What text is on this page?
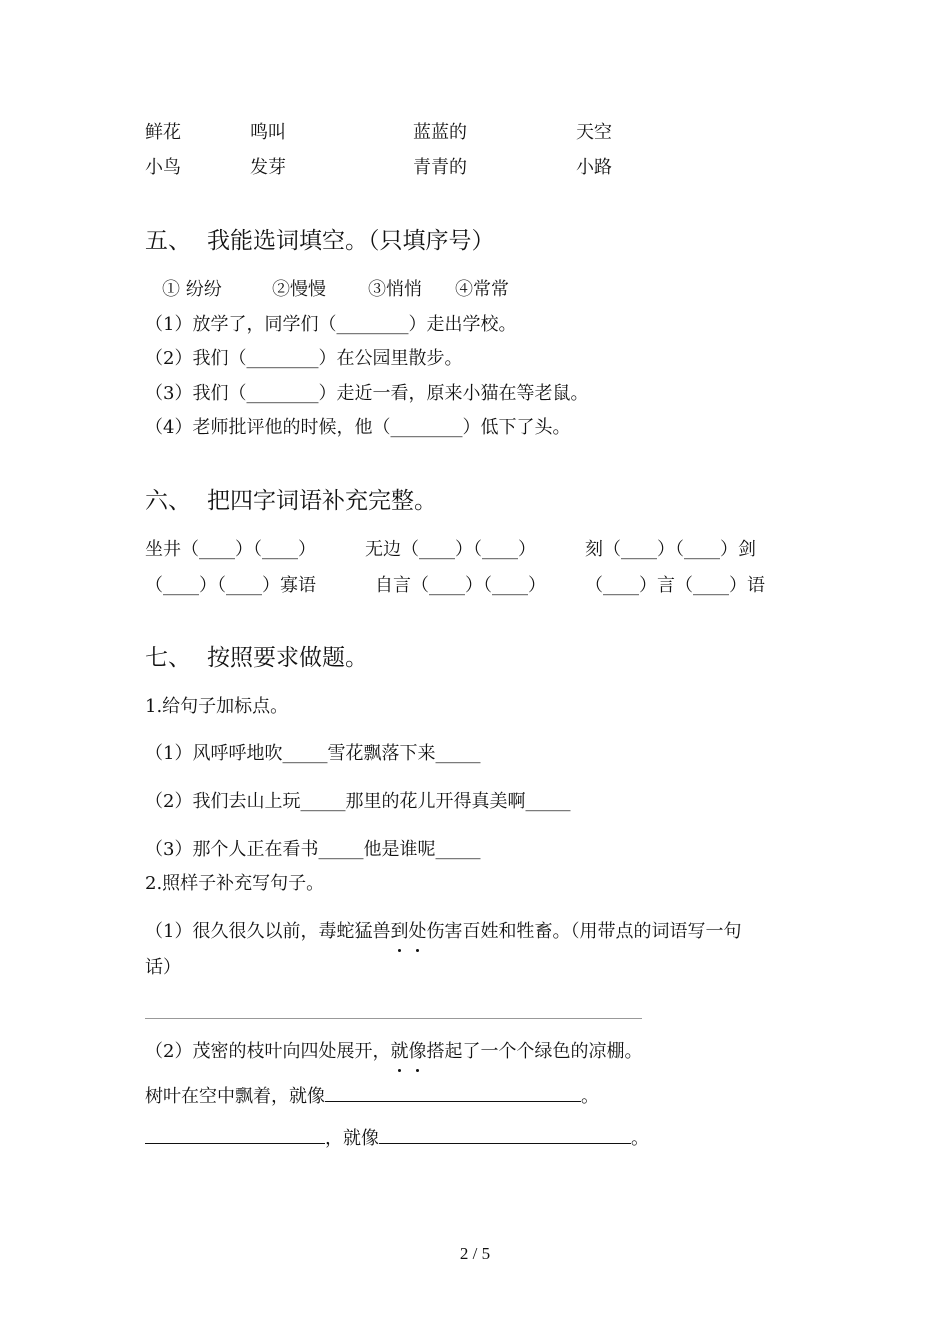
鲜花	鸣叫	蓝蓝的	天空
小鸟	发芽	青青的	小路
五、 我能选词填空。（只填序号）
① 纷纷	②慢慢 ③悄悄 ④常常
（1）放学了，同学们（________）走出学校。
（2）我们（________）在公园里散步。
（3）我们（________）走近一看，原来小猫在等老鼠。
（4）老师批评他的时候，他（________）低下了头。
六、 把四字词语补充完整。
坐井（____）（____）	无边（____）（____）	刻（____）（____）剑
（____）（____）寡语	自言（____）（____） （____）言（____）语
七、 按照要求做题。
1.给句子加标点。
（1）风呼呼地吹_____雪花飘落下来_____
（2）我们去山上玩_____那里的花儿开得真美啊_____
（3）那个人正在看书_____他是谁呢_____
2.照样子补充写句子。
（1）很久很久以前，毒蛇猛兽到处伤害百姓和牲畜。（用带点的词语写一句
话）
（2）茂密的枝叶向四处展开，就像搭起了一个个绿色的凉棚。
树叶在空中飘着，就像	。
，就像	。
2 / 5
